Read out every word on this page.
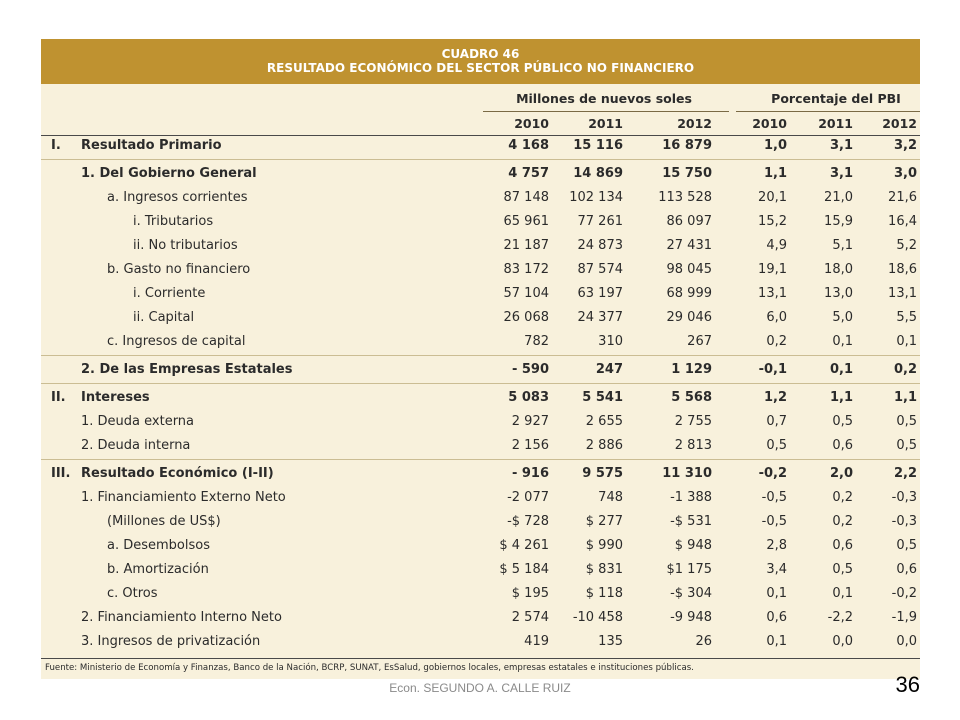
CUADRO 46
RESULTADO ECONÓMICO DEL SECTOR PÚBLICO NO FINANCIERO
Millones de nuevos soles	Porcentaje del PBI
2010	2011	2012	2010	2011	2012
I. Resultado Primario	4 168	15 116	16 879	1,0	3,1	3,2
1. Del Gobierno General	4 757	14 869	15 750	1,1	3,1	3,0
a. Ingresos corrientes	87 148	102 134	113 528	20,1	21,0	21,6
i. Tributarios	65 961	77 261	86 097	15,2	15,9	16,4
ii. No tributarios	21 187	24 873	27 431	4,9	5,1	5,2
b. Gasto no financiero	83 172	87 574	98 045	19,1	18,0	18,6
i. Corriente	57 104	63 197	68 999	13,1	13,0	13,1
ii. Capital	26 068	24 377	29 046	6,0	5,0	5,5
c. Ingresos de capital	782	310	267	0,2	0,1	0,1
2. De las Empresas Estatales	- 590	247	1 129	-0,1	0,1	0,2
II. Intereses	5 083	5 541	5 568	1,2	1,1	1,1
1. Deuda externa	2 927	2 655	2 755	0,7	0,5	0,5
2. Deuda interna	2 156	2 886	2 813	0,5	0,6	0,5
III. Resultado Económico (I-II)	- 916	9 575	11 310	-0,2	2,0	2,2
1. Financiamiento Externo Neto	-2 077	748	-1 388	-0,5	0,2	-0,3
(Millones de US$)	-$ 728	$ 277	-$ 531	-0,5	0,2	-0,3
a. Desembolsos	$ 4 261	$ 990	$ 948	2,8	0,6	0,5
b. Amortización	$ 5 184	$ 831	$1 175	3,4	0,5	0,6
c. Otros	$ 195	$ 118	-$ 304	0,1	0,1	-0,2
2. Financiamiento Interno Neto	2 574	-10 458	-9 948	0,6	-2,2	-1,9
3. Ingresos de privatización	419	135	26	0,1	0,0	0,0
Fuente: Ministerio de Economía y Finanzas, Banco de la Nación, BCRP, SUNAT, EsSalud, gobiernos locales, empresas estatales e instituciones públicas.
Econ. SEGUNDO A. CALLE RUIZ	36
